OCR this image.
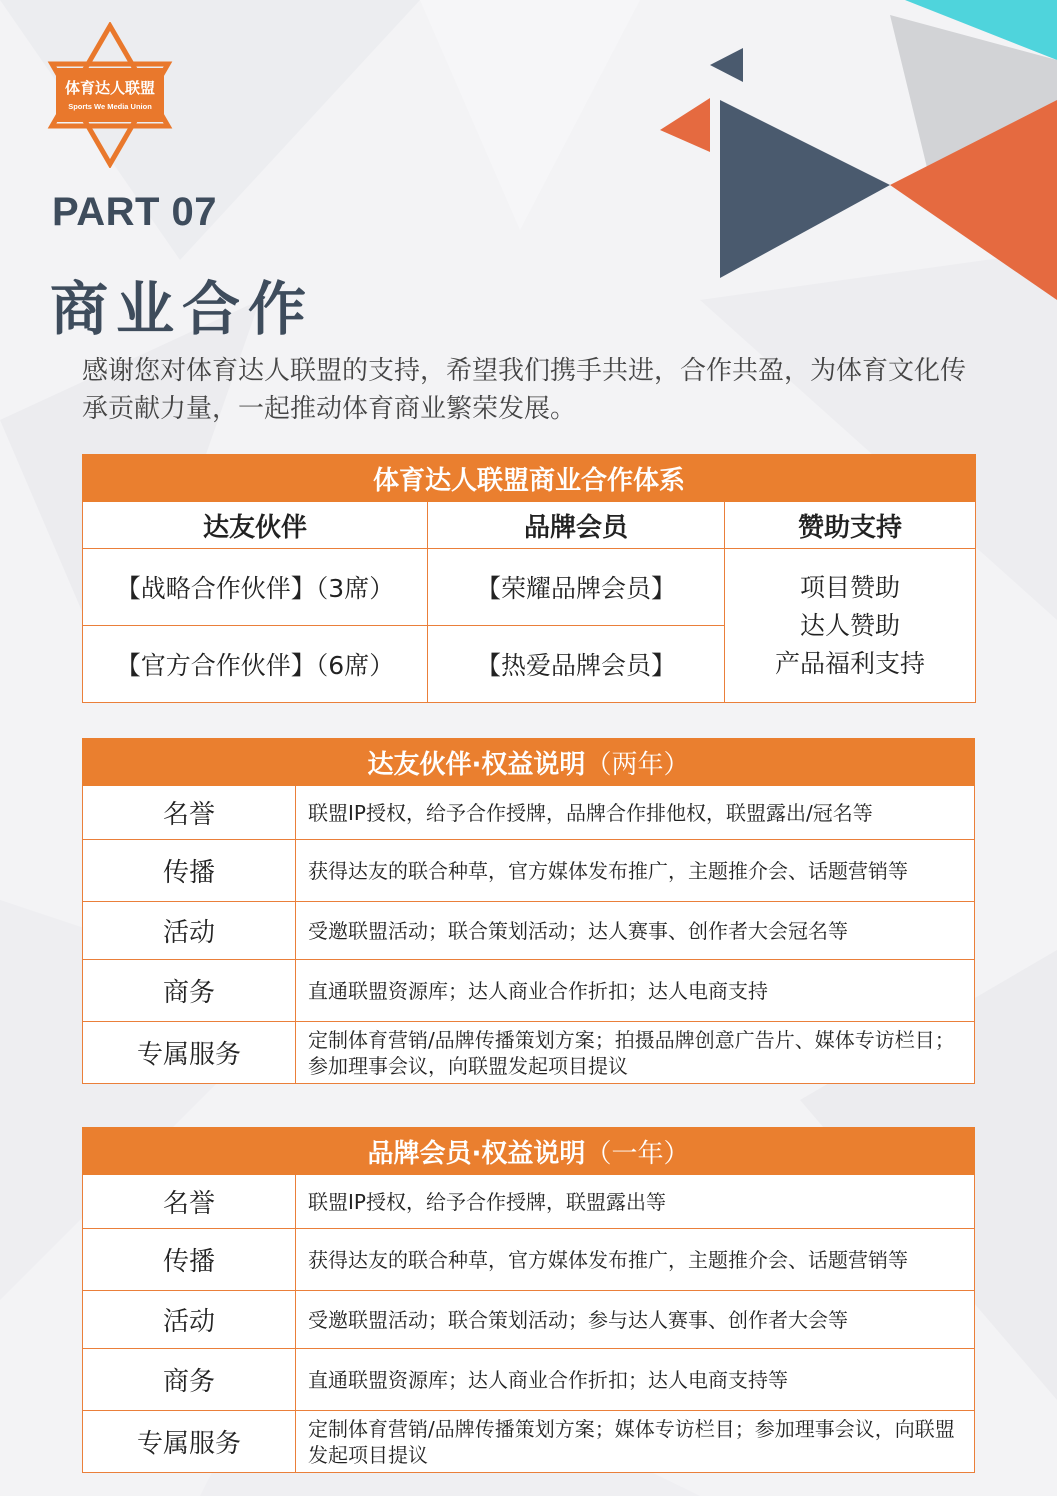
体育达人联盟
Sports We Media Union
PART 07
商业合作
感谢您对体育达人联盟的支持，希望我们携手共进，合作共盈，为体育文化传承贡献力量，一起推动体育商业繁荣发展。
体育达人联盟商业合作体系		
达友伙伴	品牌会员	赞助支持
【战略合作伙伴】（3席）	【荣耀品牌会员】	项目赞助
达人赞助
产品福利支持

【官方合作伙伴】（6席）	【热爱品牌会员】	
达友伙伴·权益说明（两年）	
名誉	联盟IP授权，给予合作授牌，品牌合作排他权，联盟露出/冠名等
传播	获得达友的联合种草，官方媒体发布推广，主题推介会、话题营销等
活动	受邀联盟活动；联合策划活动；达人赛事、创作者大会冠名等
商务	直通联盟资源库；达人商业合作折扣；达人电商支持
专属服务	定制体育营销/品牌传播策划方案；拍摄品牌创意广告片、媒体专访栏目；参加理事会议，向联盟发起项目提议
品牌会员·权益说明（一年）	
名誉	联盟IP授权，给予合作授牌，联盟露出等
传播	获得达友的联合种草，官方媒体发布推广，主题推介会、话题营销等
活动	受邀联盟活动；联合策划活动；参与达人赛事、创作者大会等
商务	直通联盟资源库；达人商业合作折扣；达人电商支持等
专属服务	定制体育营销/品牌传播策划方案；媒体专访栏目；参加理事会议，向联盟发起项目提议
